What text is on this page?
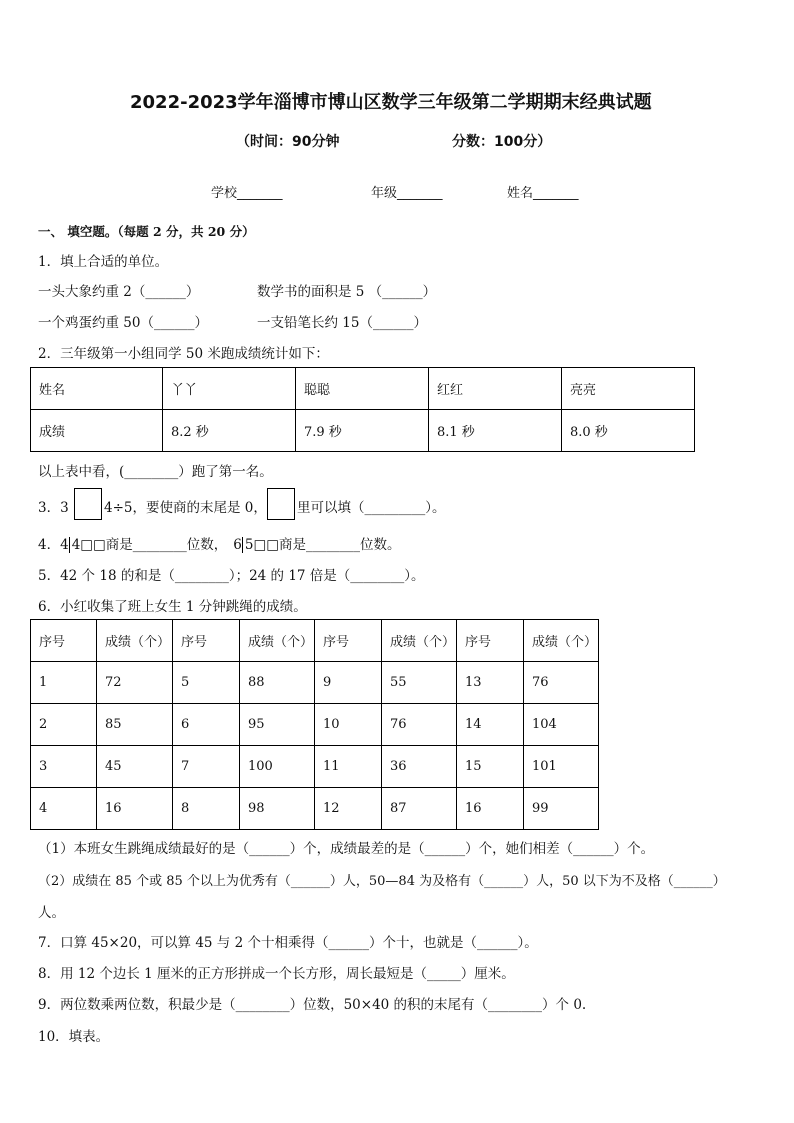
2022-2023学年淄博市博山区数学三年级第二学期期末经典试题
（时间：90分钟	分数：100分）
学校_______	年级_______	姓名_______
一、 填空题。（每题 2 分，共 20 分）
1．填上合适的单位。
一头大象约重 2（______）	数学书的面积是 5 （______）
一个鸡蛋约重 50（______）	一支铅笔长约 15（______）
2．三年级第一小组同学 50 米跑成绩统计如下：
姓名	丫丫	聪聪	红红	亮亮
成绩	8.2 秒	7.9 秒	8.1 秒	8.0 秒
以上表中看，(________）跑了第一名。
3．3	4÷5，要使商的末尾是 0， 里可以填（_________）。
4．4 4□□商是________位数， 6 5□□商是________位数。
5．42 个 18 的和是（________）；24 的 17 倍是（________）。
6．小红收集了班上女生 1 分钟跳绳的成绩。
序号	成绩（个）	序号	成绩（个）	序号	成绩（个）	序号	成绩（个）
1	72	5	88	9	55	13	76
2	85	6	95	10	76	14	104
3	45	7	100	11	36	15	101
4	16	8	98	12	87	16	99
（1）本班女生跳绳成绩最好的是（______）个，成绩最差的是（______）个，她们相差（______）个。
（2）成绩在 85 个或 85 个以上为优秀有（______）人，50—84 为及格有（______）人，50 以下为不及格（______）
人。
7．口算 45×20，可以算 45 与 2 个十相乘得（______）个十，也就是（______）。
8．用 12 个边长 1 厘米的正方形拼成一个长方形，周长最短是（_____）厘米。
9．两位数乘两位数，积最少是（________）位数，50×40 的积的末尾有（________）个 0.
10．填表。
